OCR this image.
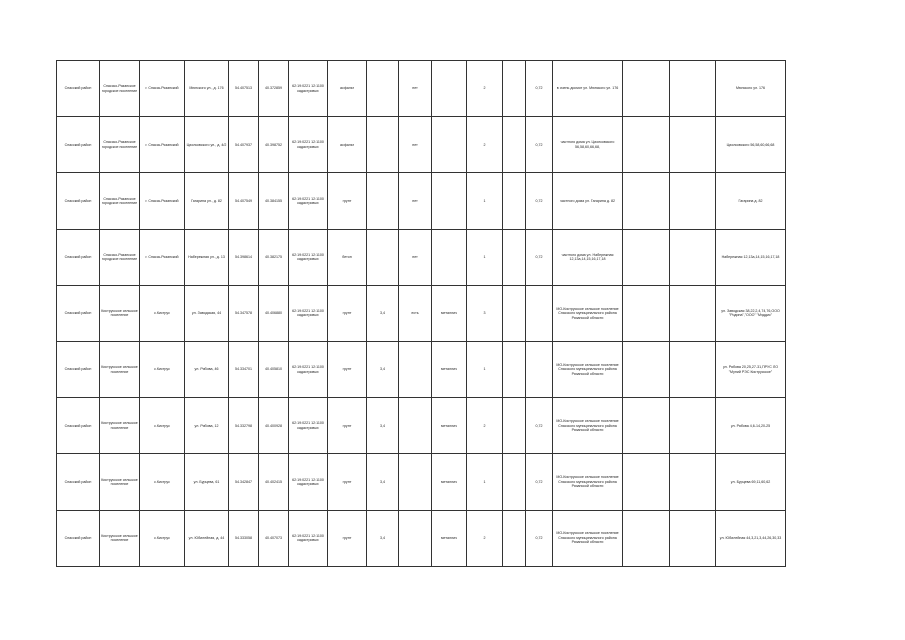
Спасский район	Спасско-Рязанское городское поселение	г. Спасск-Рязанский	Мюнского ул., д. 176	54.407513	40.372859	62:19:0221 12:1100 кадастровых	асфальт		нет		2		0,72	в очень досмот ул. Мюнского ул. 176			Мюнского ул. 176
Спасский район	Спасско-Рязанское городское поселение	г. Спасск-Рязанский	Циолковского ул., д. 4/2	54.407937	40.398752	62:19:0221 12:1100 кадастровых	асфальт		нет		2		0,72	частного дома ул. Циолковского 56,58,60,66,68,			Циолковского 56,58,60,66,68
Спасский район	Спасско-Рязанское городское поселение	г. Спасск-Рязанский	Гагарина ул., д. 82	54.407549	40.384155	62:19:0221 12:1100 кадастровых	грунт		нет		1		0,72	частного дома ул. Гагарина д. 82			Гагарина д. 82
Спасский район	Спасско-Рязанское городское поселение	г. Спасск-Рязанский	Набережная ул., д. 13	54.398614	40.382175	62:19:0221 12:1100 кадастровых	бетон		нет		1		0,72	частного дома ул. Набережная 12,13а,14,15,16,17,18			Набережная 12,13а,14,15,16,17,18
Спасский район	Киструсское сельское поселение	с.Киструс	ул. Заводская, 44	54.347578	40.406880	62:19:0221 12:1100 кадастровых	грунт	3,4	есть	металлич	3			МО-Киструсское сельское поселение Спасского муниципального района Рязанской области			ул. Заводская 38,22,2,4,74,76,ООО "Родина","ООО" "Мэддис"
Спасский район	Киструсское сельское поселение	с.Киструс	ул. Рябова, 46	54.334701	40.405810	62:19:0221 12:1100 кадастровых	грунт	3,4		металлич	1			МО-Киструсское сельское поселение Спасского муниципального района Рязанской области			ул. Рябова 20,25,27-31,ПРУС ЛО "Муний РЭС Киструсское"
Спасский район	Киструсское сельское поселение	с.Киструс	ул. Рябова, 12	54.332798	40.400928	62:19:0221 12:1100 кадастровых	грунт	3,4		металлич	2		0,72	МО-Киструсское сельское поселение Спасского муниципального района Рязанской области			ул. Рябова 4,6-14,20-25
Спасский район	Киструсское сельское поселение	с.Киструс	ул. Бурцева, 61	54.342847	40.402415	62:19:0221 12:1100 кадастровых	грунт	3,4		металлич	1		0,72	МО-Киструсское сельское поселение Спасского муниципального района Рязанской области			ул. Бурцева 69,11,60,62
Спасский район	Киструсское сельское поселение	с.Киструс	ул. Юбилейная, д. 44	54.333058	40.407073	62:19:0221 12:1100 кадастровых	грунт	3,4		металлич	2		0,72	МО-Киструсское сельское поселение Спасского муниципального района Рязанской области			ул. Юбилейная 44,3,21,3,44,26,30,33
